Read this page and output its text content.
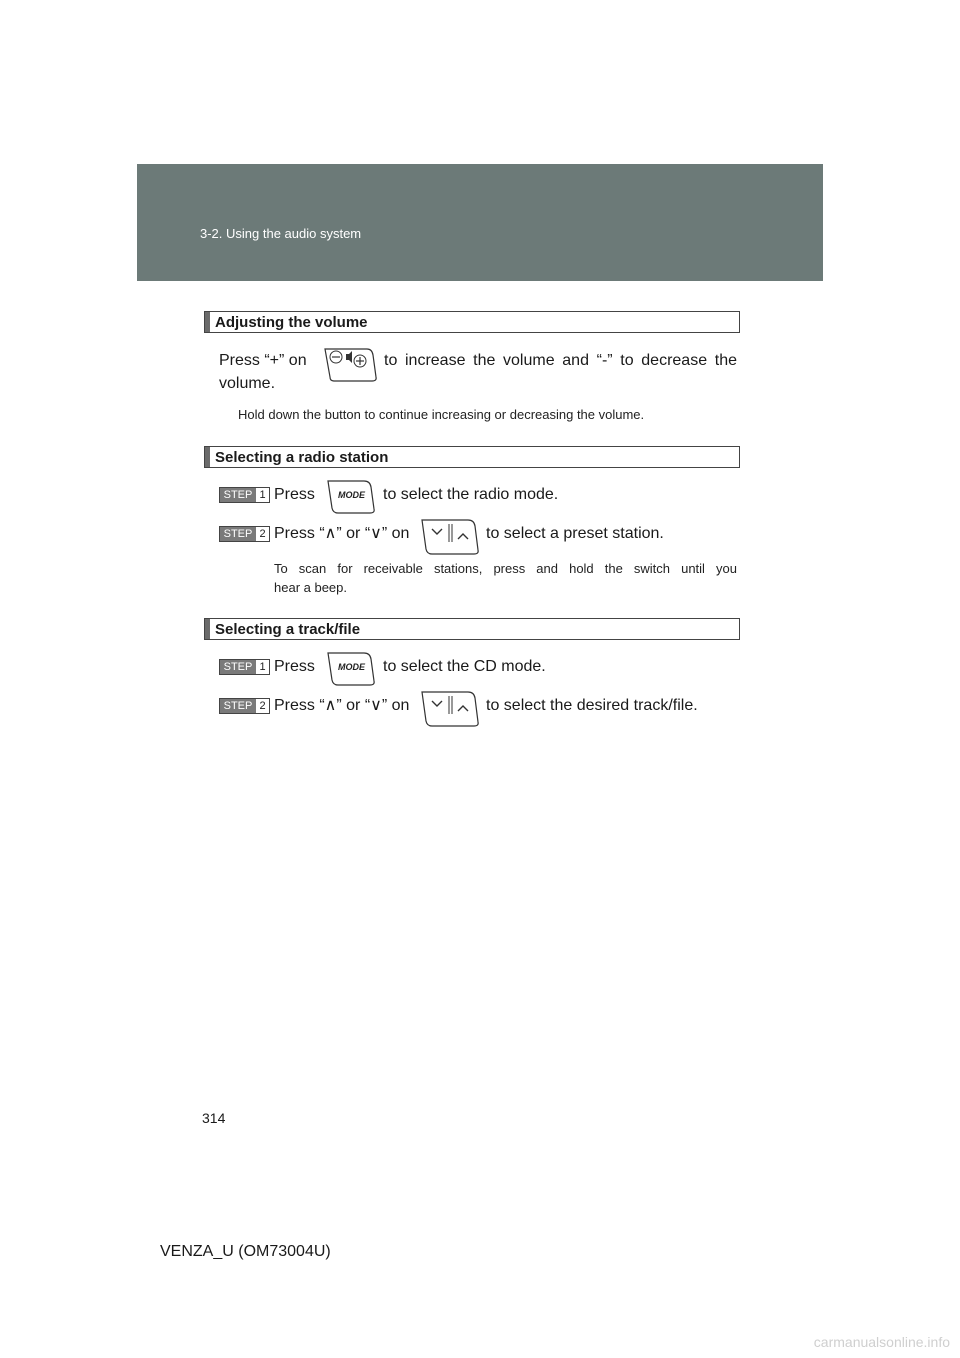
3-2. Using the audio system
Adjusting the volume
Press “+” on	to increase the volume and “-” to decrease the
volume.
Hold down the button to continue increasing or decreasing the volume.
Selecting a radio station
STEP 1 Press	MODE to select the radio mode.
STEP 2 Press “∧” or “∨” on	to select a preset station.
To scan for receivable stations, press and hold the switch until you
hear a beep.
Selecting a track/file
STEP 1 Press	MODE to select the CD mode.
STEP 2 Press “∧” or “∨” on	to select the desired track/file.
314
VENZA_U (OM73004U)
carmanualsonline.info
